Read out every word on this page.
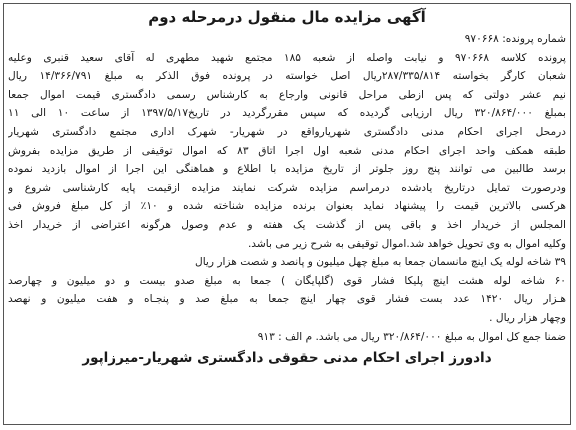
آگهی مزایده مال منقول درمرحله دوم
شماره پرونده: ۹۷۰۶۶۸
پرونده کلاسه ۹۷۰۶۶۸ و نیابت واصله از شعبه ۱۸۵ مجتمع شهید مطهری له آقای سعید قنبری وعلیه
شعبان کارگر بخواسته ۲۸۷/۳۳۵/۸۱۴ریال اصل خواسته در پرونده فوق الذکر به مبلغ ۱۴/۳۶۶/۷۹۱ ریال
نیم عشر دولتی که پس ازطی مراحل قانونی وارجاع به کارشناس رسمی دادگستری قیمت اموال جمعا
بمبلغ ۳۲۰/۸۶۴/۰۰۰ ریال ارزیابی گردیده که سپس مقررگردید در تاریخ۱۳۹۷/۵/۱۷ از ساعت ۱۰ الی ۱۱
درمحل اجرای احکام مدنی دادگستری شهریارواقع در شهریار- شهرک اداری مجتمع دادگستری شهریار
طبقه همکف واحد اجرای احکام مدنی شعبه اول اجرا اتاق ۸۳ که اموال توقیفی از طریق مزایده بفروش
برسد طالبین می توانند پنج روز جلوتر از تاریخ مزایده با اطلاع و هماهنگی این اجرا از اموال بازدید نموده
ودرصورت تمایل درتاریخ یادشده درمراسم مزایده شرکت نمایند مزایده ازقیمت پایه کارشناسی شروع و
هرکسی بالاترین قیمت را پیشنهاد نماید بعنوان برنده مزایده شناخته شده و ۱۰٪ از کل مبلغ فروش فی
المجلس از خریدار اخذ و باقی پس از گذشت یک هفته و عدم وصول هرگونه اعتراضی از خریدار اخذ
وکلیه اموال به وی تحویل خواهد شد.اموال توقیفی به شرح زیر می باشد.
۳۹ شاخه لوله یک اینچ مانسمان جمعا به مبلغ چهل میلیون و پانصد و شصت هزار ریال
۶۰ شاخه لوله هشت اینچ پلیکا فشار قوی (گلپایگان ) جمعا به مبلغ صدو بیست و دو میلیون و چهارصد
هـزار ریال ۱۴۲۰ عدد بست فشار قوی چهار اینچ جمعا به مبلغ صد و پنجـاه و هفت میلیون و نهصد
وچهار هزار ریال .
ضمنا جمع کل اموال به مبلغ ۳۲۰/۸۶۴/۰۰۰ ریال می باشد. م الف : ۹۱۳
دادورز اجرای احکام مدنی حقوقی دادگستری شهریار-میرزاپور
